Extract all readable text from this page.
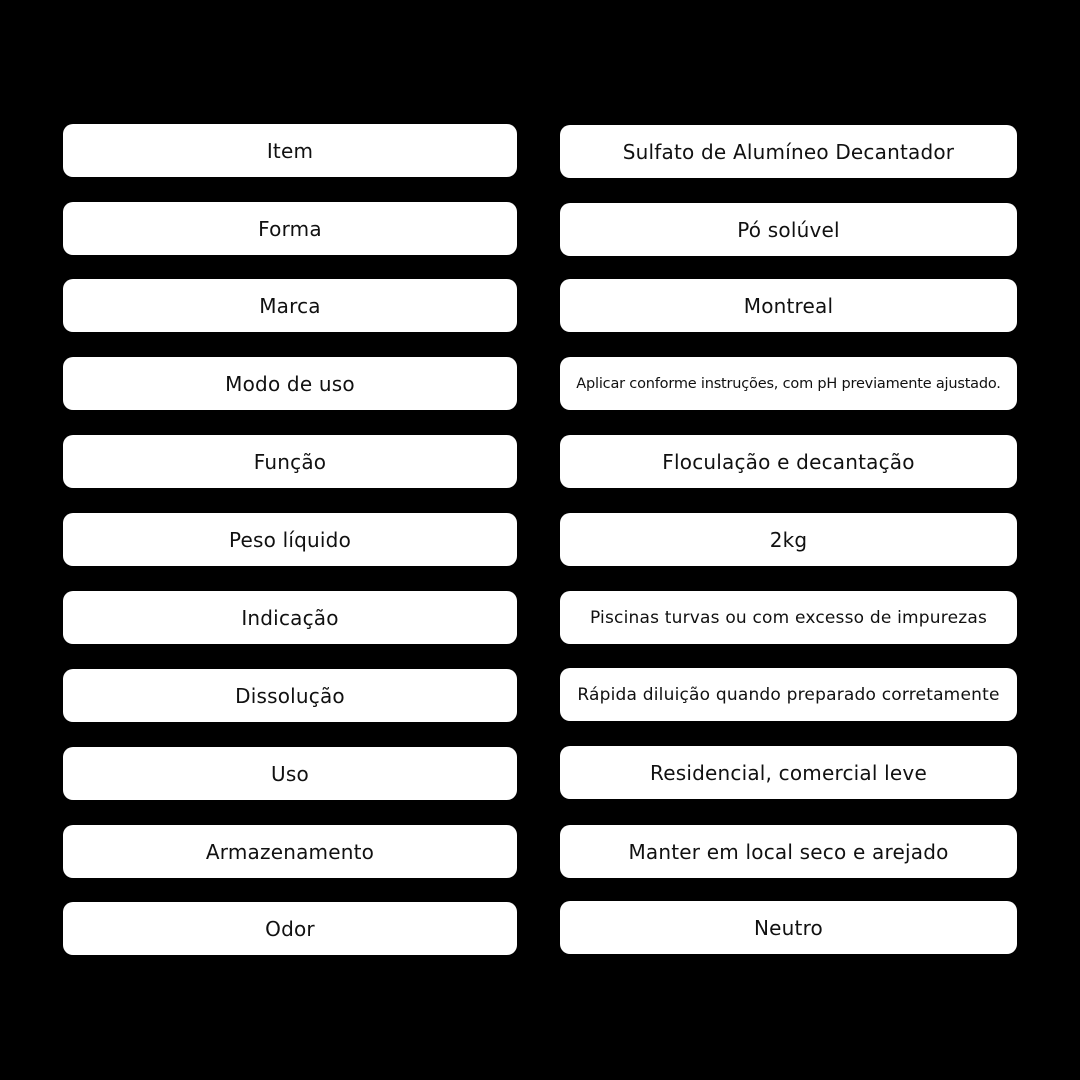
Item	Sulfato de Alumíneo Decantador
Forma	Pó solúvel
Marca	Montreal
Modo de uso	Aplicar conforme instruções, com pH previamente ajustado.
Função	Floculação e decantação
Peso líquido	2kg
Indicação	Piscinas turvas ou com excesso de impurezas
Dissolução	Rápida diluição quando preparado corretamente
Uso	Residencial, comercial leve
Armazenamento	Manter em local seco e arejado
Odor	Neutro
